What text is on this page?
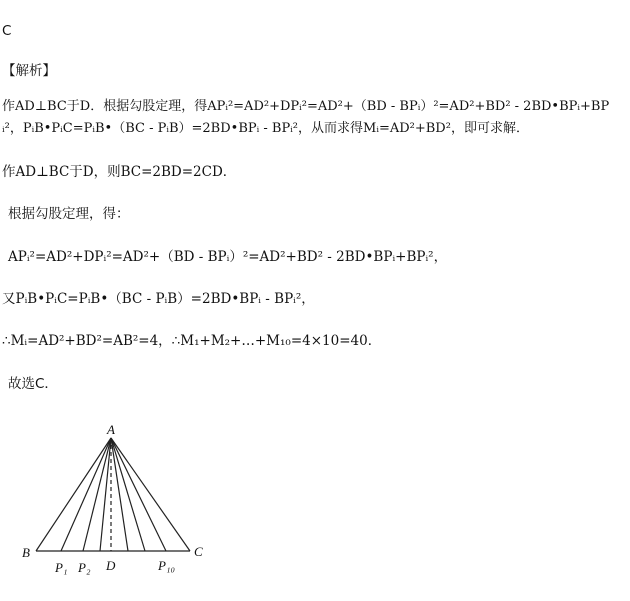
C
【解析】
作AD⊥BC于D．根据勾股定理，得APᵢ²=AD²+DPᵢ²=AD²+（BD - BPᵢ）²=AD²+BD² - 2BD•BPᵢ+BP
ᵢ²，PᵢB•PᵢC=PᵢB•（BC - PᵢB）=2BD•BPᵢ - BPᵢ²，从而求得Mᵢ=AD²+BD²，即可求解．
作AD⊥BC于D，则BC=2BD=2CD．
根据勾股定理，得：
APᵢ²=AD²+DPᵢ²=AD²+（BD - BPᵢ）²=AD²+BD² - 2BD•BPᵢ+BPᵢ²，
又PᵢB•PᵢC=PᵢB•（BC - PᵢB）=2BD•BPᵢ - BPᵢ²，
∴Mᵢ=AD²+BD²=AB²=4，∴M₁+M₂+…+M₁₀=4×10=40．
故选C．
A
B	C
D
P₁ P₂	P₁₀
